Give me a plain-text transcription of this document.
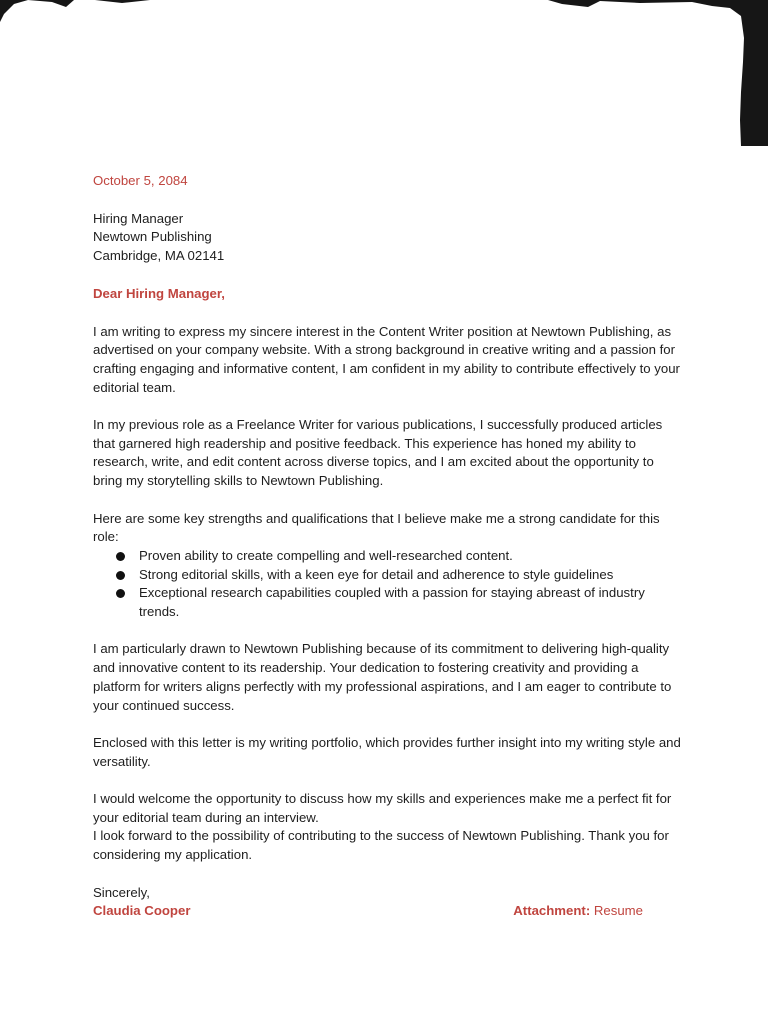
October 5, 2084
Hiring Manager
Newtown Publishing
Cambridge, MA 02141
Dear Hiring Manager,

I am writing to express my sincere interest in the Content Writer position at Newtown Publishing, as advertised on your company website. With a strong background in creative writing and a passion for crafting engaging and informative content, I am confident in my ability to contribute effectively to your editorial team.

In my previous role as a Freelance Writer for various publications, I successfully produced articles that garnered high readership and positive feedback. This experience has honed my ability to research, write, and edit content across diverse topics, and I am excited about the opportunity to bring my storytelling skills to Newtown Publishing.

Here are some key strengths and qualifications that I believe make me a strong candidate for this role:

Proven ability to create compelling and well-researched content.
Strong editorial skills, with a keen eye for detail and adherence to style guidelines
Exceptional research capabilities coupled with a passion for staying abreast of industry trends.

I am particularly drawn to Newtown Publishing because of its commitment to delivering high-quality and innovative content to its readership. Your dedication to fostering creativity and providing a platform for writers aligns perfectly with my professional aspirations, and I am eager to contribute to your continued success.

Enclosed with this letter is my writing portfolio, which provides further insight into my writing style and versatility.

I would welcome the opportunity to discuss how my skills and experiences make me a perfect fit for your editorial team during an interview.

I look forward to the possibility of contributing to the success of Newtown Publishing. Thank you for considering my application.

Sincerely,
Claudia Cooper	Attachment: Resume
